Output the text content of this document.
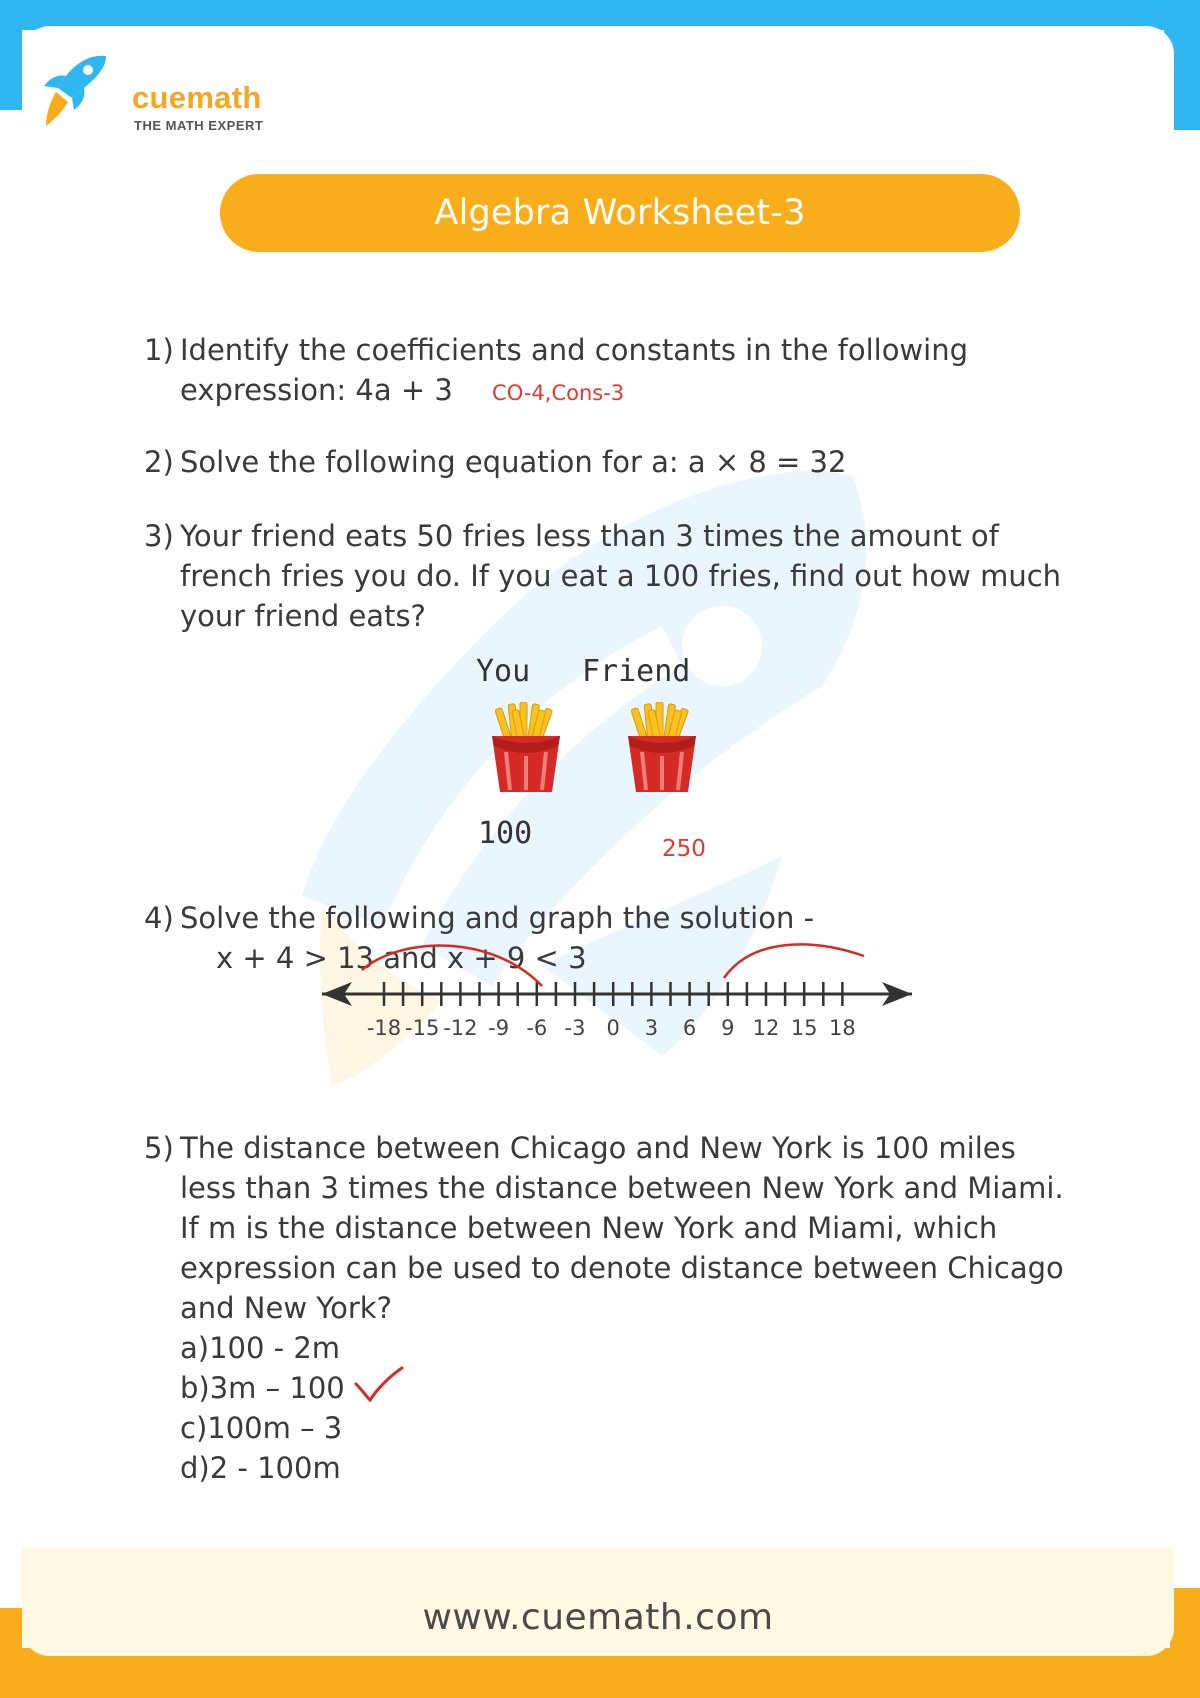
cuemath
THE MATH EXPERT
Algebra Worksheet-3
1) Identify the coefficients and constants in the following
expression: 4a + 3 CO-4,Cons-3
2) Solve the following equation for a: a × 8 = 32
3) Your friend eats 50 fries less than 3 times the amount of
french fries you do. If you eat a 100 fries, find out how much
your friend eats?
You Friend
100	250
4) Solve the following and graph the solution -
x + 4 > 13 and x + 9 < 3
-18 -15 -12 -9 -6 -3 0 3 6 9 12 15 18
5) The distance between Chicago and New York is 100 miles
less than 3 times the distance between New York and Miami.
If m is the distance between New York and Miami, which
expression can be used to denote distance between Chicago
and New York?
a)100 - 2m
b)3m – 100
c)100m – 3
d)2 - 100m
www.cuemath.com
